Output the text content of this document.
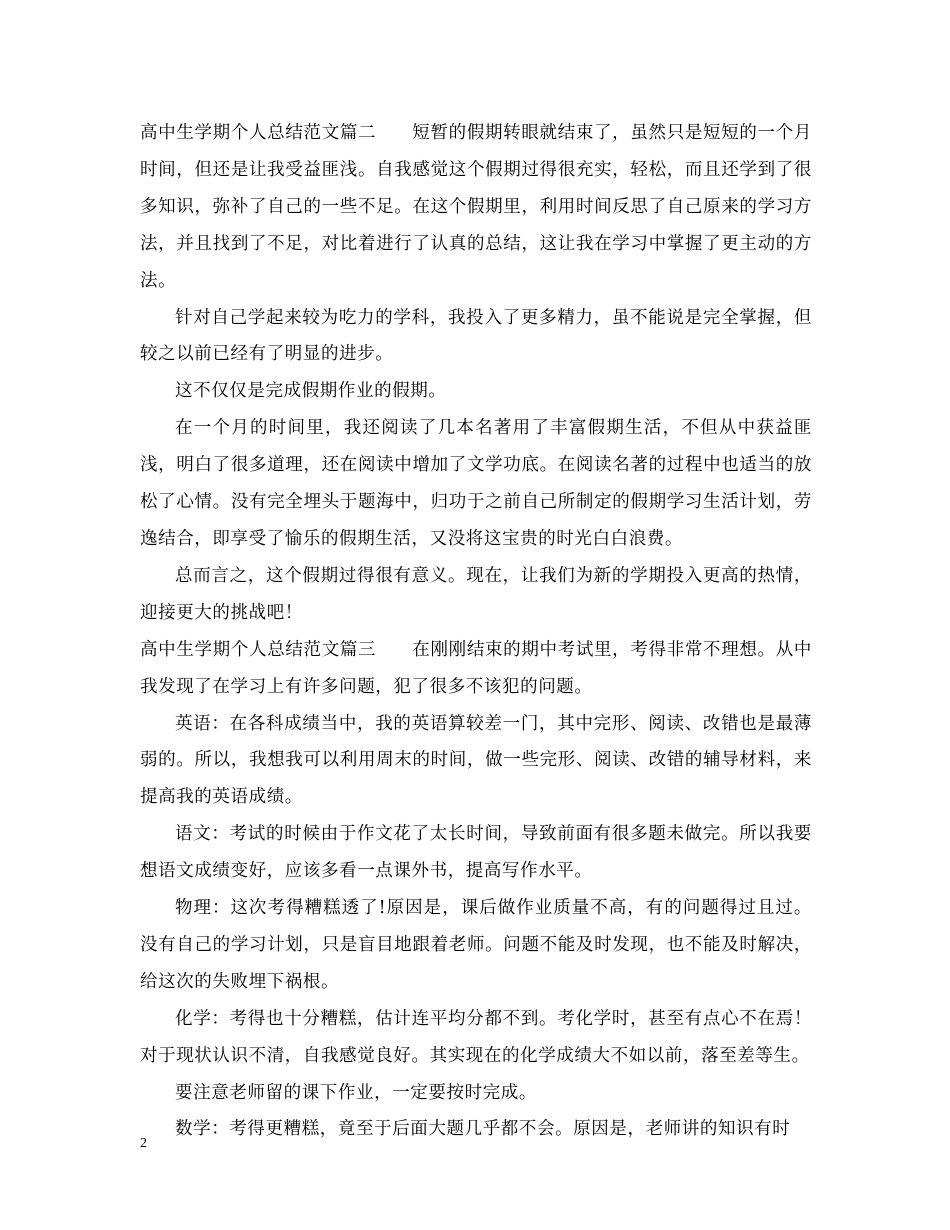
高中生学期个人总结范文篇二 短暂的假期转眼就结束了，虽然只是短短的一个月时间，但还是让我受益匪浅。自我感觉这个假期过得很充实，轻松，而且还学到了很多知识，弥补了自己的一些不足。在这个假期里，利用时间反思了自己原来的学习方法，并且找到了不足，对比着进行了认真的总结，这让我在学习中掌握了更主动的方法。

针对自己学起来较为吃力的学科，我投入了更多精力，虽不能说是完全掌握，但较之以前已经有了明显的进步。

这不仅仅是完成假期作业的假期。

在一个月的时间里，我还阅读了几本名著用了丰富假期生活，不但从中获益匪浅，明白了很多道理，还在阅读中增加了文学功底。在阅读名著的过程中也适当的放松了心情。没有完全埋头于题海中，归功于之前自己所制定的假期学习生活计划，劳逸结合，即享受了愉乐的假期生活，又没将这宝贵的时光白白浪费。

总而言之，这个假期过得很有意义。现在，让我们为新的学期投入更高的热情，迎接更大的挑战吧！

高中生学期个人总结范文篇三 在刚刚结束的期中考试里，考得非常不理想。从中我发现了在学习上有许多问题，犯了很多不该犯的问题。

英语：在各科成绩当中，我的英语算较差一门，其中完形、阅读、改错也是最薄弱的。所以，我想我可以利用周末的时间，做一些完形、阅读、改错的辅导材料，来提高我的英语成绩。

语文：考试的时候由于作文花了太长时间，导致前面有很多题未做完。所以我要想语文成绩变好，应该多看一点课外书，提高写作水平。

物理：这次考得糟糕透了!原因是，课后做作业质量不高，有的问题得过且过。没有自己的学习计划，只是盲目地跟着老师。问题不能及时发现，也不能及时解决，给这次的失败埋下祸根。

化学：考得也十分糟糕，估计连平均分都不到。考化学时，甚至有点心不在焉！对于现状认识不清，自我感觉良好。其实现在的化学成绩大不如以前，落至差等生。

要注意老师留的课下作业，一定要按时完成。

数学：考得更糟糕，竟至于后面大题几乎都不会。原因是，老师讲的知识有时

2
